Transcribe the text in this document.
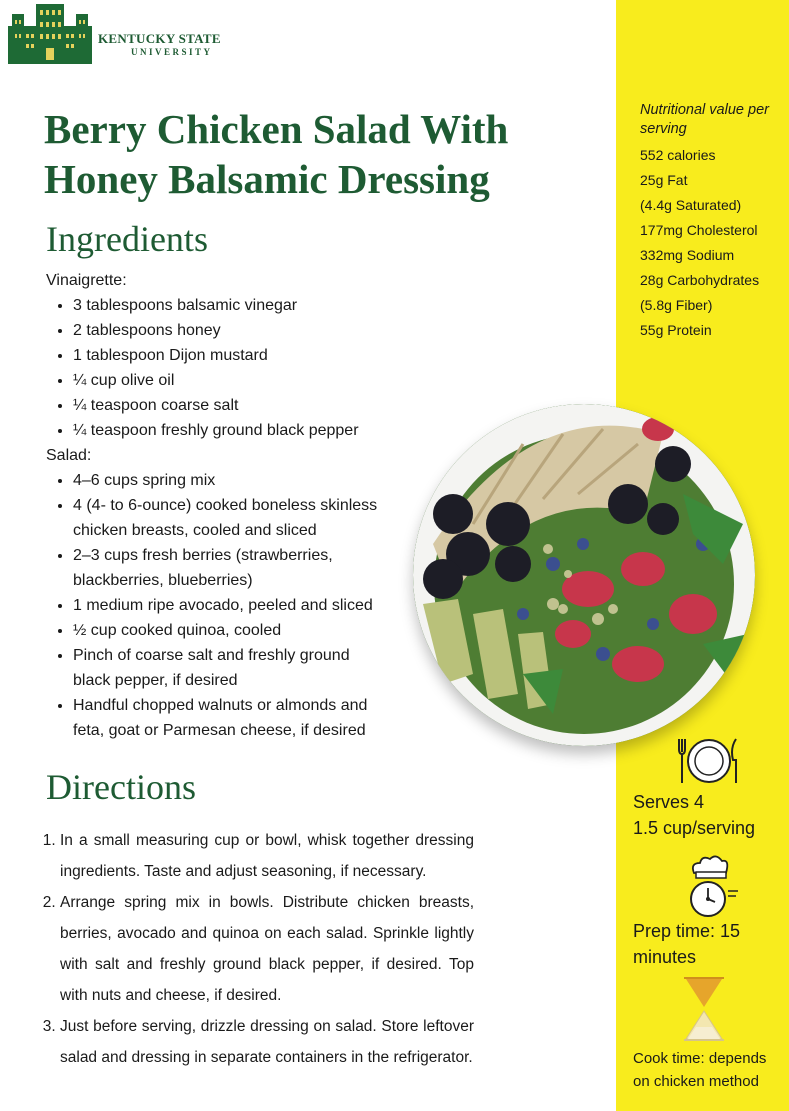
KENTUCKY STATE
UNIVERSITY
Berry Chicken Salad With Honey Balsamic Dressing
Ingredients

Vinaigrette:

• 3 tablespoons balsamic vinegar
• 2 tablespoons honey
• 1 tablespoon Dijon mustard
• ¼ cup olive oil
• ¼ teaspoon coarse salt
• ¼ teaspoon freshly ground black pepper

Salad:

• 4–6 cups spring mix
• 4 (4- to 6-ounce) cooked boneless skinless chicken breasts, cooled and sliced
• 2–3 cups fresh berries (strawberries, blackberries, blueberries)
• 1 medium ripe avocado, peeled and sliced
• ½ cup cooked quinoa, cooled
• Pinch of coarse salt and freshly ground black pepper, if desired
• Handful chopped walnuts or almonds and feta, goat or Parmesan cheese, if desired
Directions
1. In a small measuring cup or bowl, whisk together dressing ingredients. Taste and adjust seasoning, if necessary.
2. Arrange spring mix in bowls. Distribute chicken breasts, berries, avocado and quinoa on each salad. Sprinkle lightly with salt and freshly ground black pepper, if desired. Top with nuts and cheese, if desired.
3. Just before serving, drizzle dressing on salad. Store leftover salad and dressing in separate containers in the refrigerator.

Nutritional value per serving

552 calories

25g Fat

(4.4g Saturated)

177mg Cholesterol

332mg Sodium

28g Carbohydrates

(5.8g Fiber)

55g Protein

Serves 4
1.5 cup/serving
Prep time: 15
minutes
Cook time: depends
on chicken method
